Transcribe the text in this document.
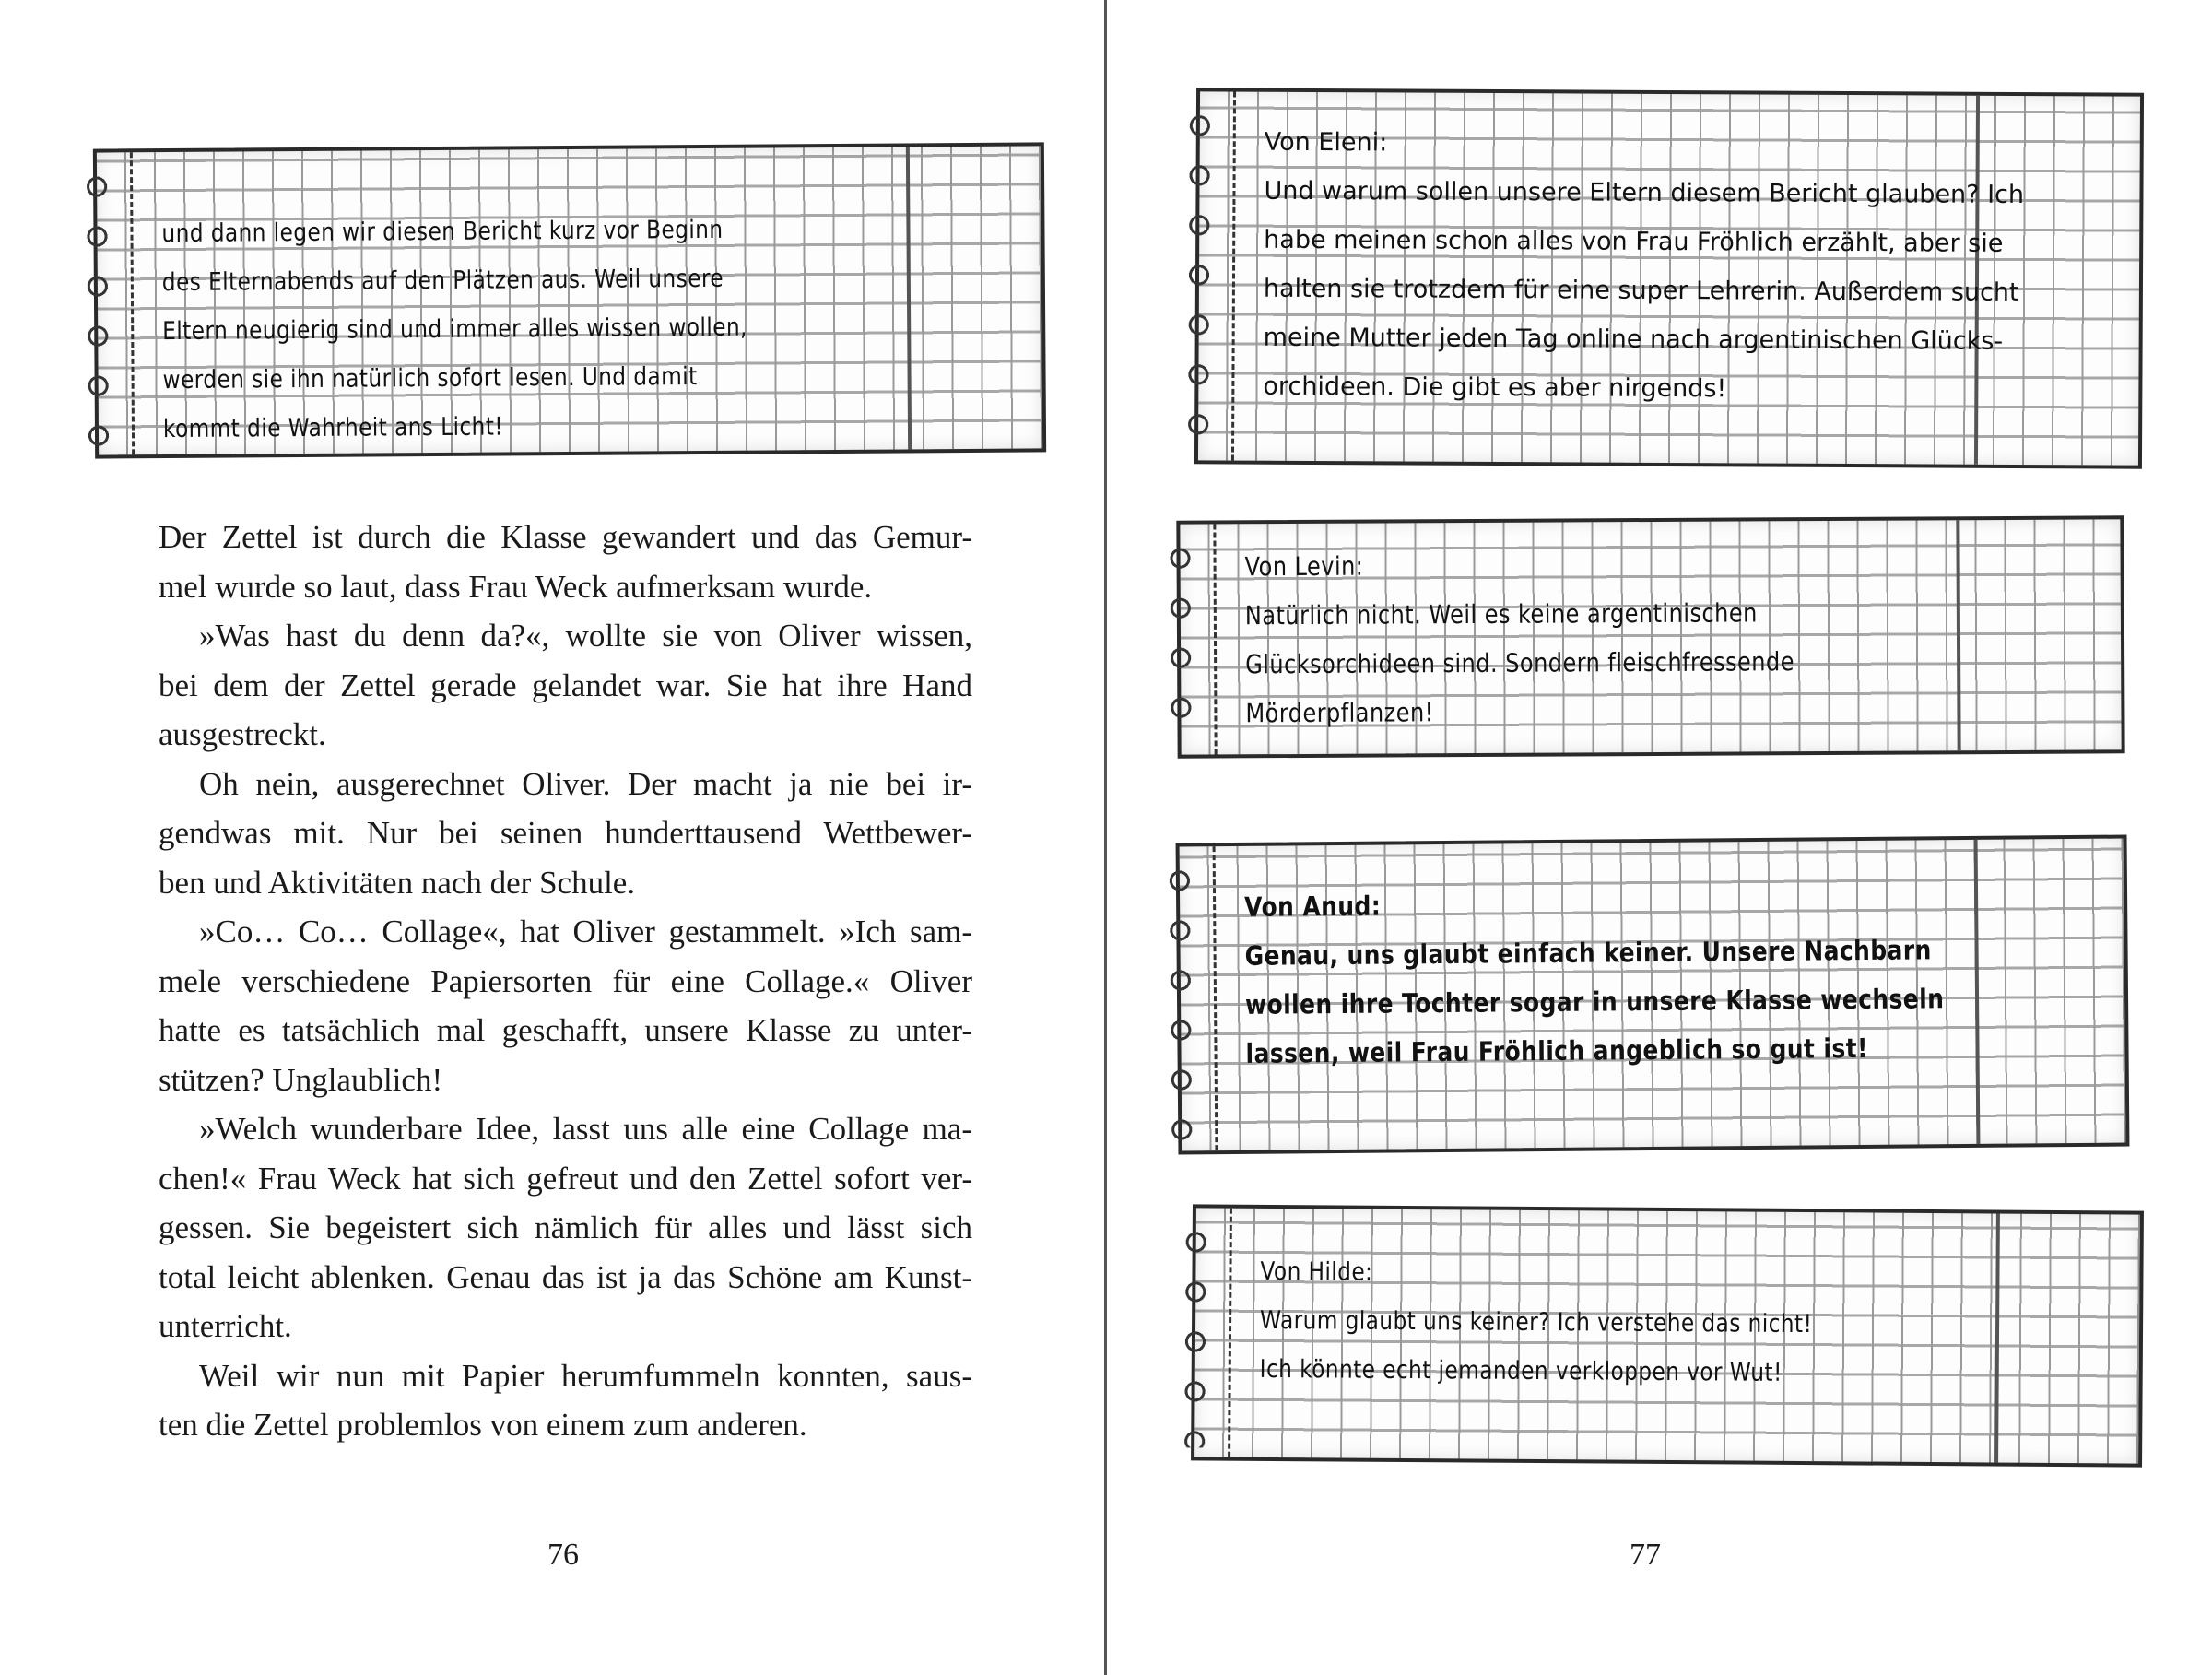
und dann legen wir diesen Bericht kurz vor Beginn
des Elternabends auf den Plätzen aus. Weil unsere
Eltern neugierig sind und immer alles wissen wollen,
werden sie ihn natürlich sofort lesen. Und damit
kommt die Wahrheit ans Licht!
Der Zettel ist durch die Klasse gewandert und das Gemur-
mel wurde so laut, dass Frau Weck aufmerksam wurde.
»Was hast du denn da?«, wollte sie von Oliver wissen,
bei dem der Zettel gerade gelandet war. Sie hat ihre Hand
ausgestreckt.
Oh nein, ausgerechnet Oliver. Der macht ja nie bei ir-
gendwas mit. Nur bei seinen hunderttausend Wettbewer-
ben und Aktivitäten nach der Schule.
»Co… Co… Collage«, hat Oliver gestammelt. »Ich sam-
mele verschiedene Papiersorten für eine Collage.« Oliver
hatte es tatsächlich mal geschafft, unsere Klasse zu unter-
stützen? Unglaublich!
»Welch wunderbare Idee, lasst uns alle eine Collage ma-
chen!« Frau Weck hat sich gefreut und den Zettel sofort ver-
gessen. Sie begeistert sich nämlich für alles und lässt sich
total leicht ablenken. Genau das ist ja das Schöne am Kunst-
unterricht.
Weil wir nun mit Papier herumfummeln konnten, saus-
ten die Zettel problemlos von einem zum anderen.
76
Von Eleni:
Und warum sollen unsere Eltern diesem Bericht glauben? Ich
habe meinen schon alles von Frau Fröhlich erzählt, aber sie
halten sie trotzdem für eine super Lehrerin. Außerdem sucht
meine Mutter jeden Tag online nach argentinischen Glücks-
orchideen. Die gibt es aber nirgends!
Von Levin:
Natürlich nicht. Weil es keine argentinischen
Glücksorchideen sind. Sondern fleischfressende
Mörderpflanzen!
Von Anud:
Genau, uns glaubt einfach keiner. Unsere Nachbarn
wollen ihre Tochter sogar in unsere Klasse wechseln
lassen, weil Frau Fröhlich angeblich so gut ist!
Von Hilde:
Warum glaubt uns keiner? Ich verstehe das nicht!
Ich könnte echt jemanden verkloppen vor Wut!
77
